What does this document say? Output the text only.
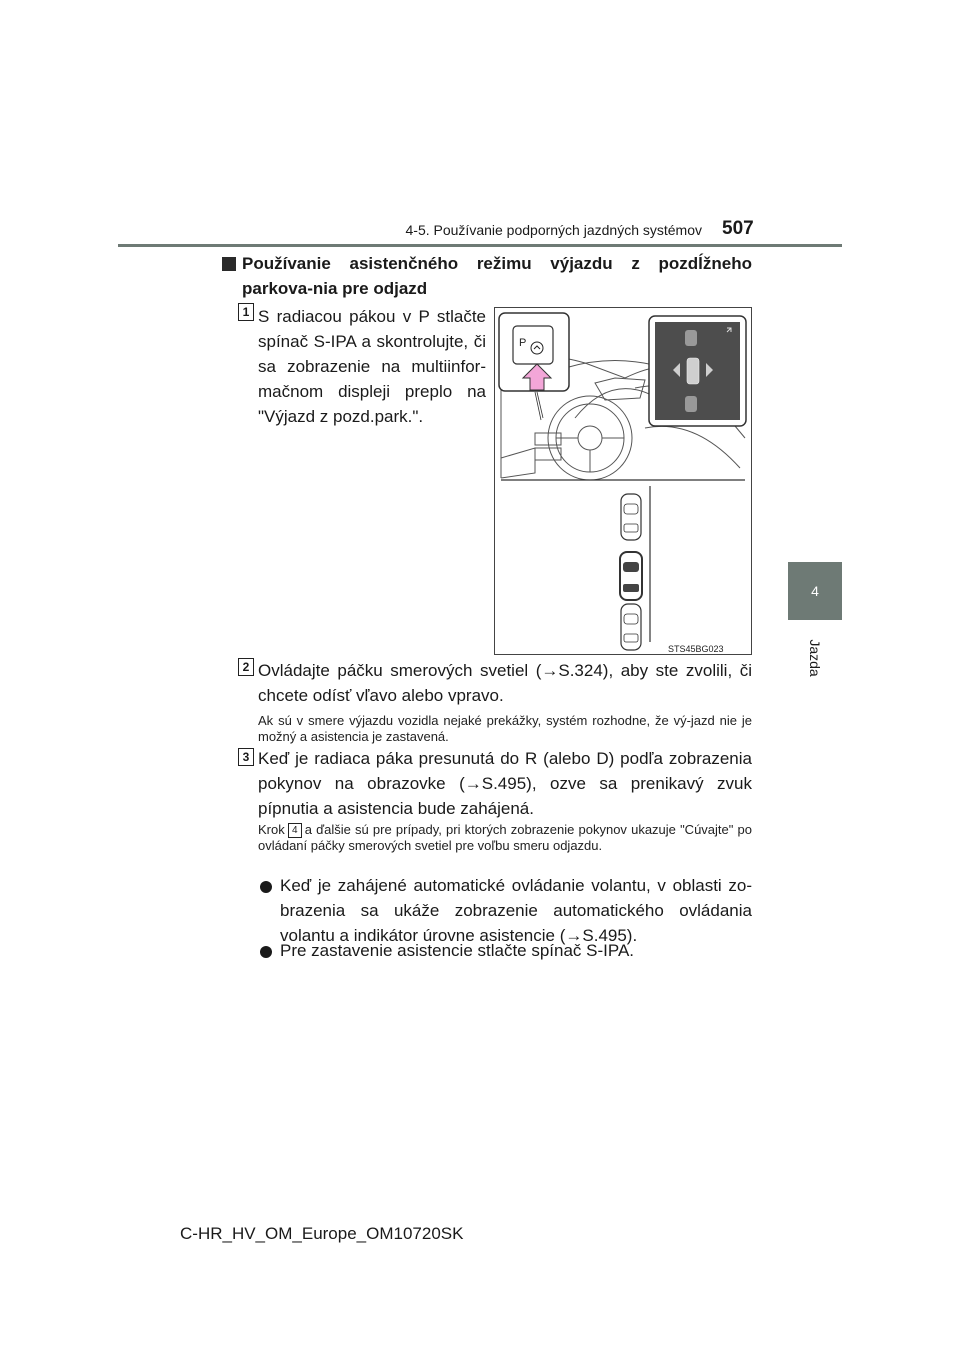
4-5. Používanie podporných jazdných systémov 507
4
Jazda
Používanie asistenčného režimu výjazdu z pozdĺžneho parkova-nia pre odjazd
1 S radiacou pákou v P stlačte spínač S-IPA a skontrolujte, či sa zobrazenie na multiinfor-mačnom displeji preplo na "Výjazd z pozd.park.".
P
STS45BG023
2 Ovládajte páčku smerových svetiel (→S.324), aby ste zvolili, či chcete odísť vľavo alebo vpravo.
Ak sú v smere výjazdu vozidla nejaké prekážky, systém rozhodne, že vý-jazd nie je možný a asistencia je zastavená.
3 Keď je radiaca páka presunutá do R (alebo D) podľa zobrazenia pokynov na obrazovke (→S.495), ozve sa prenikavý zvuk pípnutia a asistencia bude zahájená.
Krok 4 a ďalšie sú pre prípady, pri ktorých zobrazenie pokynov ukazuje "Cúvajte" po ovládaní páčky smerových svetiel pre voľbu smeru odjazdu.
Keď je zahájené automatické ovládanie volantu, v oblasti zo-brazenia sa ukáže zobrazenie automatického ovládania volantu a indikátor úrovne asistencie (→S.495).
Pre zastavenie asistencie stlačte spínač S-IPA.
C-HR_HV_OM_Europe_OM10720SK
